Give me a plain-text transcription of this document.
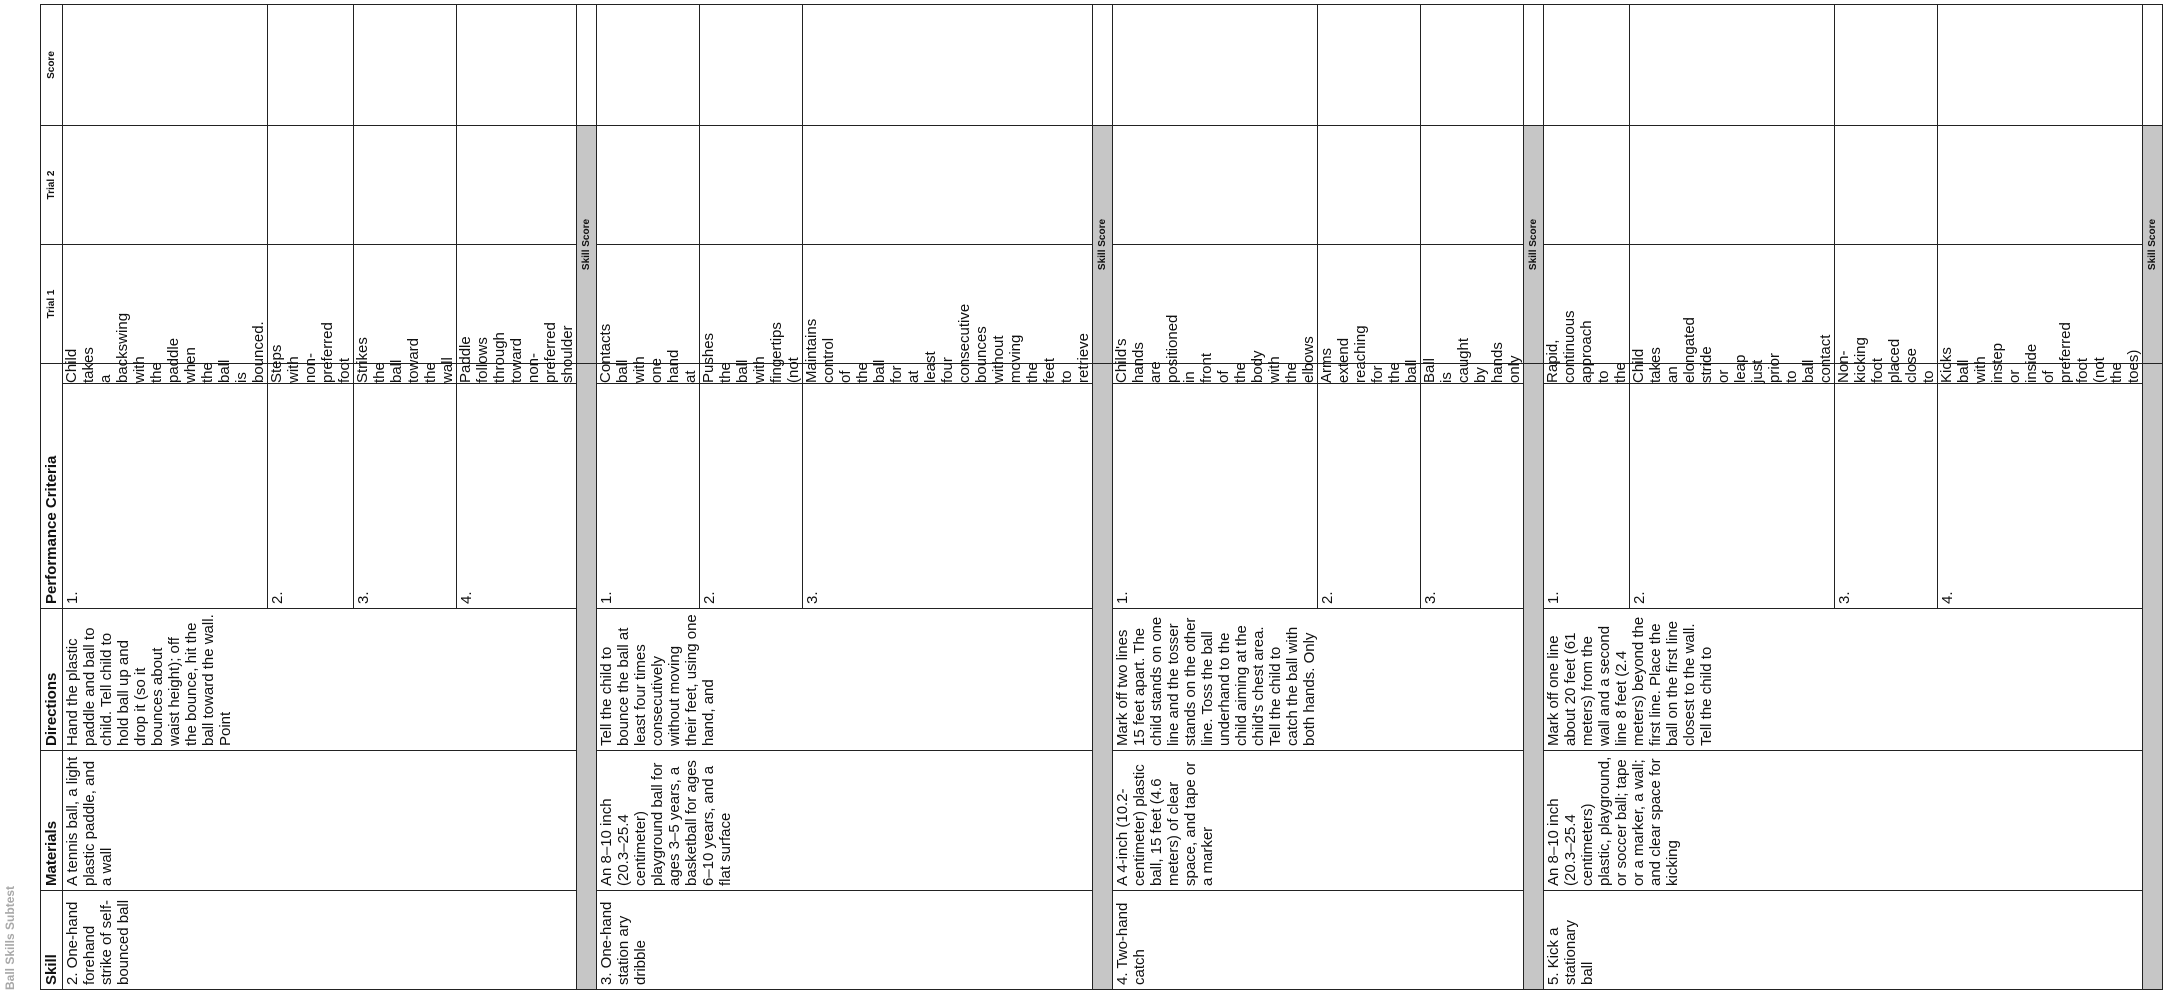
Ball Skills Subtest Skill	Materials	Directions	Performance Criteria		Trial 1	Trial 2	Score
2. One-hand forehand strike of self-bounced ball	A tennis ball, a light plastic paddle, and a wall	Hand the plastic paddle and ball to child. Tell child to hold ball up and drop it (so it bounces about waist height); off the bounce, hit the ball toward the wall. Point	1.	Child takes a backswing with the paddle when the ball is bounced.			
			2.	Steps with non-preferred foot			
			3.	Strikes the ball toward the wall			
			4.	Paddle follows through toward non-preferred shoulder			
					Skill Score		
3. One-hand station ary dribble	An 8–10 inch (20.3–25.4 centimeter) playground ball for ages 3–5 years, a basketball for ages 6–10 years, and a flat surface	Tell the child to bounce the ball at least four times consecutively without moving their feet, using one hand, and	1.	Contacts ball with one hand at			
			2.	Pushes the ball with fingertips (not			
			3.	Maintains control of the ball for at least four consecutive bounces without moving the feet to retrieve			
					Skill Score		
4. Two-hand catch	A 4-inch (10.2-centimeter) plastic ball, 15 feet (4.6 meters) of clear space, and tape or a marker	Mark off two lines 15 feet apart. The child stands on one line and the tosser stands on the other line. Toss the ball underhand to the child aiming at the child's chest area. Tell the child to catch the ball with both hands. Only	1.	Child's hands are positioned in front of the body with the elbows			
			2.	Arms extend reaching for the ball			
			3.	Ball is caught by hands only			
					Skill Score		
5. Kick a stationary ball	An 8–10 inch (20.3–25.4 centimeters) plastic, playground, or soccer ball; tape or a marker, a wall; and clear space for kicking	Mark off one line about 20 feet (61 meters) from the wall and a second line 8 feet (2.4 meters) beyond the first line. Place the ball on the first line closest to the wall. Tell the child to	1.	Rapid, continuous approach to the			
			2.	Child takes an elongated stride or leap just prior to ball contact			
			3.	Non-kicking foot placed close to			
			4.	Kicks ball with instep or inside of preferred foot (not the toes)			
					Skill Score		
